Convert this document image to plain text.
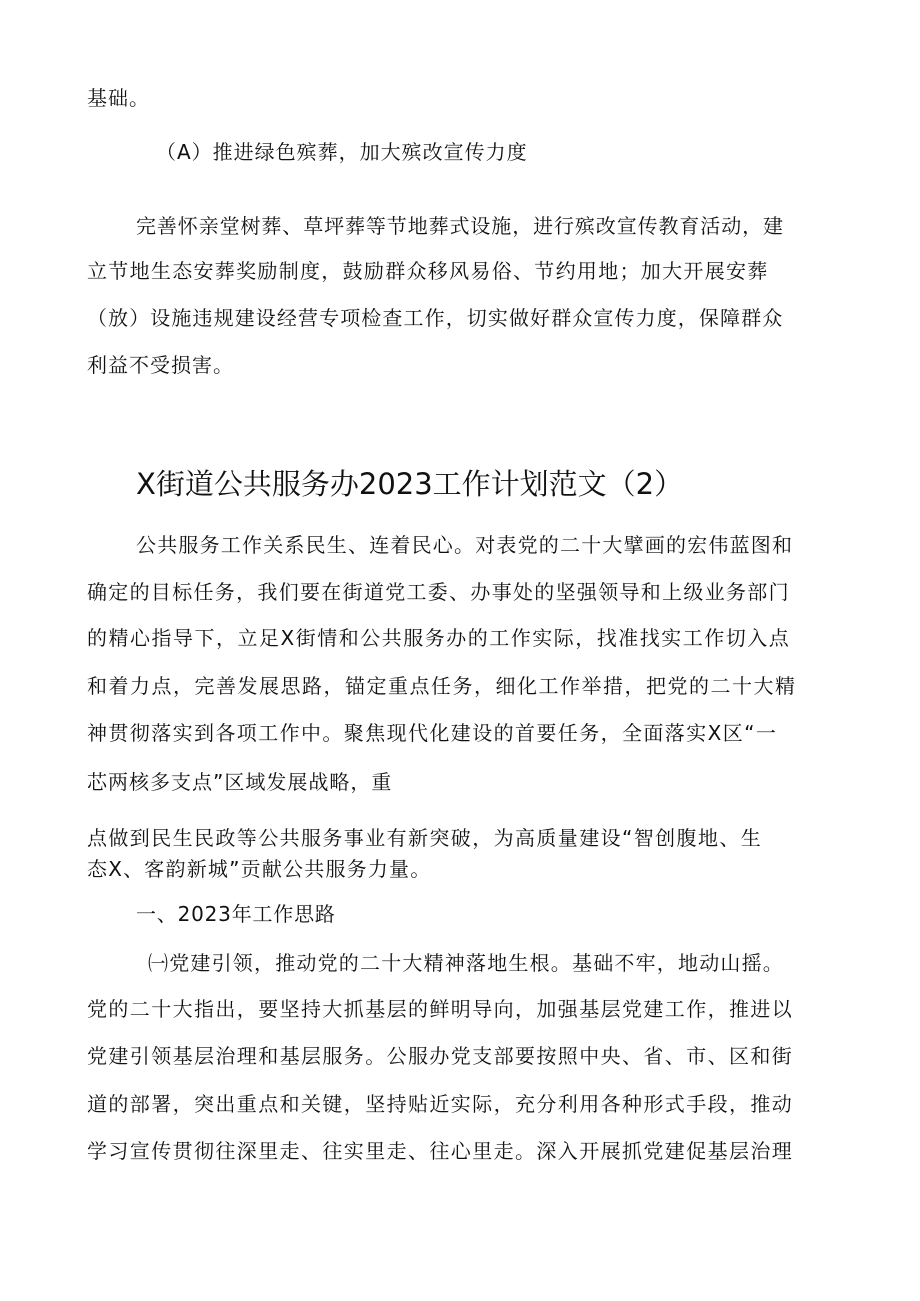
基础。
（A）推进绿色殡葬，加大殡改宣传力度
完善怀亲堂树葬、草坪葬等节地葬式设施，进行殡改宣传教育活动，建
立节地生态安葬奖励制度，鼓励群众移风易俗、节约用地；加大开展安葬
（放）设施违规建设经营专项检查工作，切实做好群众宣传力度，保障群众
利益不受损害。
X街道公共服务办2023工作计划范文（2）
公共服务工作关系民生、连着民心。对表党的二十大擘画的宏伟蓝图和
确定的目标任务，我们要在街道党工委、办事处的坚强领导和上级业务部门
的精心指导下，立足X街情和公共服务办的工作实际，找准找实工作切入点
和着力点，完善发展思路，锚定重点任务，细化工作举措，把党的二十大精
神贯彻落实到各项工作中。聚焦现代化建设的首要任务，全面落实X区“一
芯两核多支点”区域发展战略，重
点做到民生民政等公共服务事业有新突破，为高质量建设“智创腹地、生
态X、客韵新城”贡献公共服务力量。
一、2023年工作思路
㈠党建引领，推动党的二十大精神落地生根。基础不牢，地动山摇。
党的二十大指出，要坚持大抓基层的鲜明导向，加强基层党建工作，推进以
党建引领基层治理和基层服务。公服办党支部要按照中央、省、市、区和街
道的部署，突出重点和关键，坚持贴近实际，充分利用各种形式手段，推动
学习宣传贯彻往深里走、往实里走、往心里走。深入开展抓党建促基层治理
